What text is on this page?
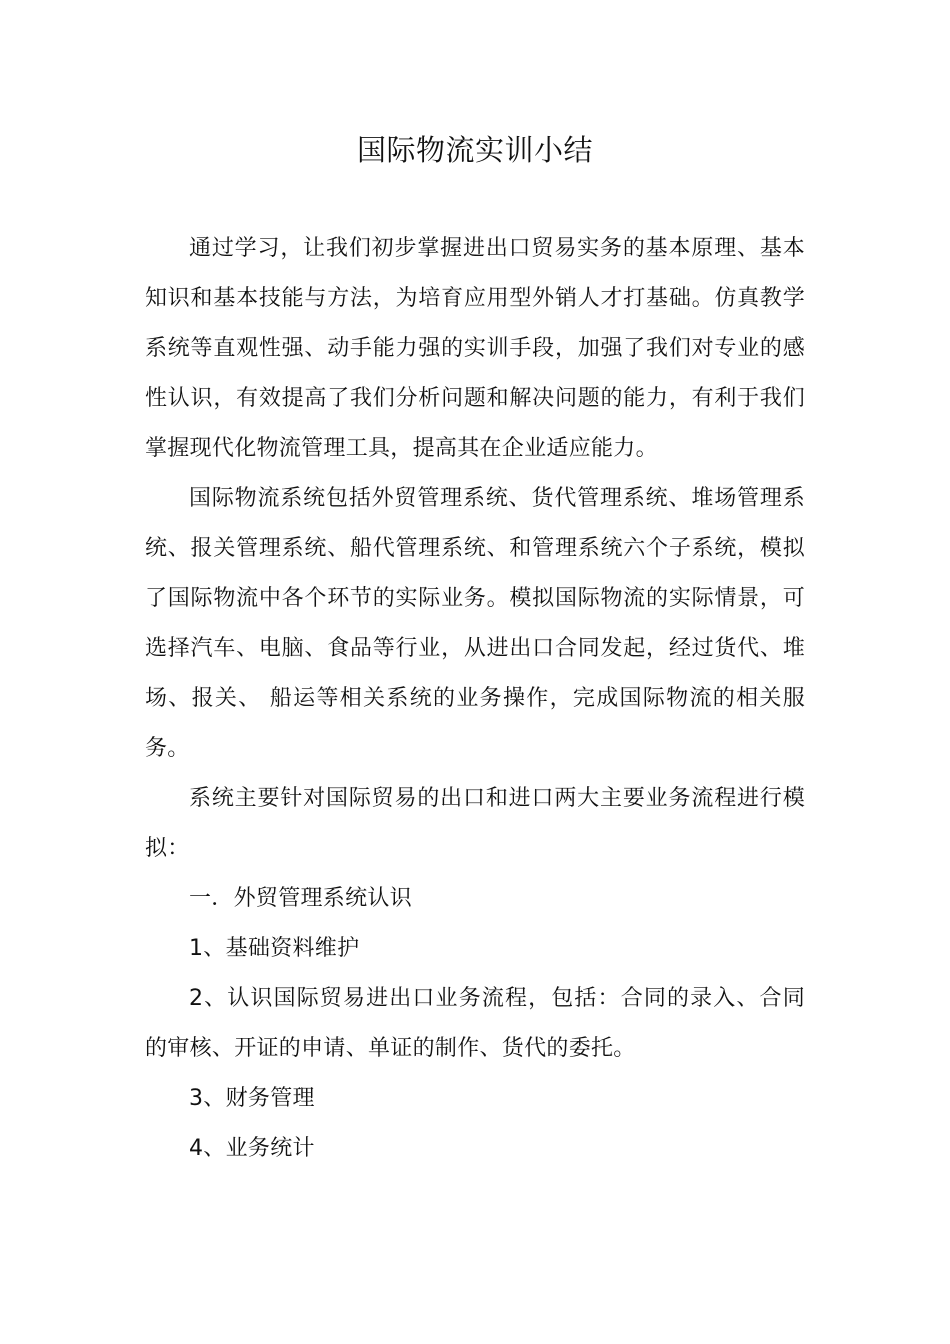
国际物流实训小结

通过学习，让我们初步掌握进出口贸易实务的基本原理、基本知识和基本技能与方法，为培育应用型外销人才打基础。仿真教学系统等直观性强、动手能力强的实训手段，加强了我们对专业的感性认识，有效提高了我们分析问题和解决问题的能力，有利于我们掌握现代化物流管理工具，提高其在企业适应能力。

国际物流系统包括外贸管理系统、货代管理系统、堆场管理系统、报关管理系统、船代管理系统、和管理系统六个子系统，模拟了国际物流中各个环节的实际业务。模拟国际物流的实际情景，可选择汽车、电脑、食品等行业，从进出口合同发起，经过货代、堆场、报关、 船运等相关系统的业务操作，完成国际物流的相关服务。

系统主要针对国际贸易的出口和进口两大主要业务流程进行模拟：

一．外贸管理系统认识

1、基础资料维护

2、认识国际贸易进出口业务流程，包括：合同的录入、合同的审核、开证的申请、单证的制作、货代的委托。

3、财务管理

4、业务统计
